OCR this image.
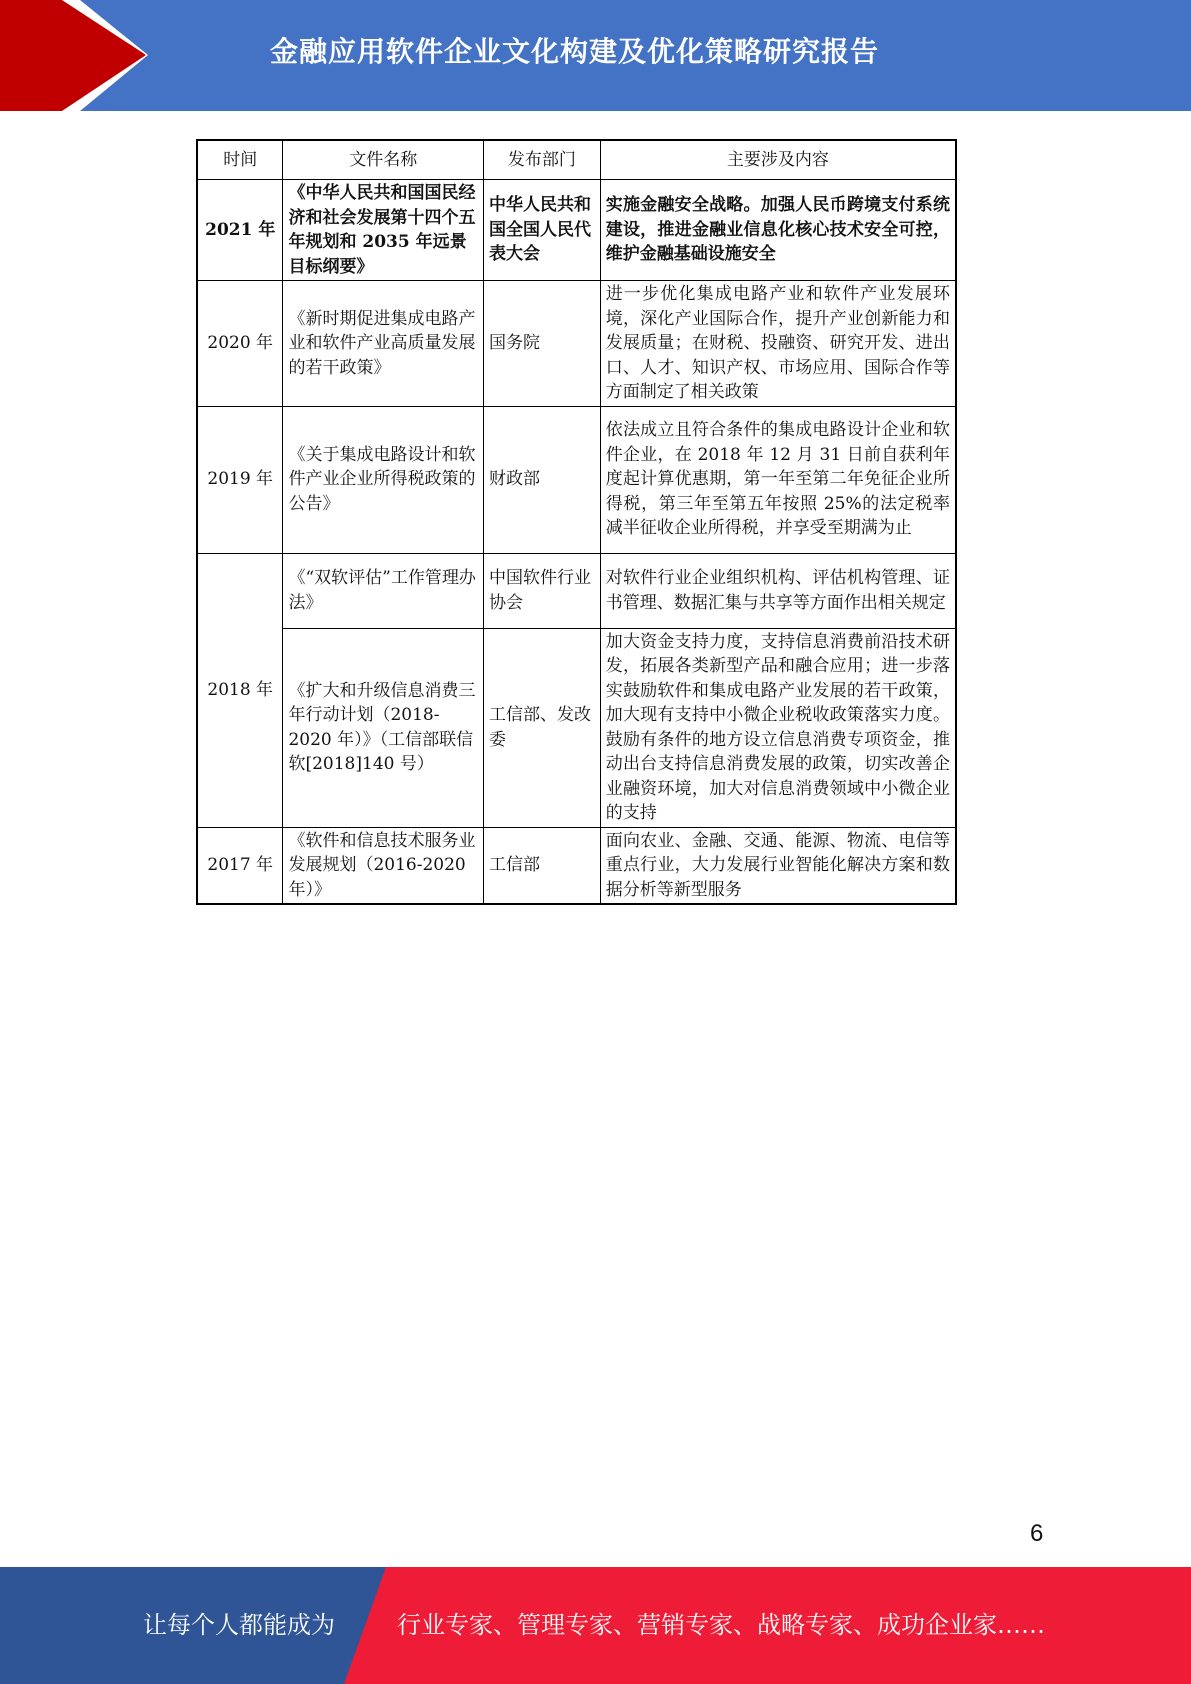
金融应用软件企业文化构建及优化策略研究报告
时间	文件名称	发布部门	主要涉及内容
2021 年	《中华人民共和国国民经济和社会发展第十四个五年规划和 2035 年远景目标纲要》	中华人民共和国全国人民代表大会	实施金融安全战略。加强人民币跨境支付系统建设，推进金融业信息化核心技术安全可控，维护金融基础设施安全
2020 年	《新时期促进集成电路产业和软件产业高质量发展的若干政策》	国务院	进一步优化集成电路产业和软件产业发展环境，深化产业国际合作，提升产业创新能力和发展质量；在财税、投融资、研究开发、进出口、人才、知识产权、市场应用、国际合作等方面制定了相关政策
2019 年	《关于集成电路设计和软件产业企业所得税政策的公告》	财政部	依法成立且符合条件的集成电路设计企业和软件企业，在 2018 年 12 月 31 日前自获利年度起计算优惠期，第一年至第二年免征企业所得税，第三年至第五年按照 25%的法定税率减半征收企业所得税，并享受至期满为止
2018 年	《“双软评估”工作管理办法》	中国软件行业协会	对软件行业企业组织机构、评估机构管理、证书管理、数据汇集与共享等方面作出相关规定
	《扩大和升级信息消费三年行动计划（2018-2020 年）》（工信部联信软[2018]140 号）	工信部、发改委	加大资金支持力度，支持信息消费前沿技术研发，拓展各类新型产品和融合应用；进一步落实鼓励软件和集成电路产业发展的若干政策，加大现有支持中小微企业税收政策落实力度。鼓励有条件的地方设立信息消费专项资金，推动出台支持信息消费发展的政策，切实改善企业融资环境，加大对信息消费领域中小微企业的支持
2017 年	《软件和信息技术服务业发展规划（2016-2020 年）》	工信部	面向农业、金融、交通、能源、物流、电信等重点行业，大力发展行业智能化解决方案和数据分析等新型服务
6
让每个人都能成为	行业专家、管理专家、营销专家、战略专家、成功企业家……
